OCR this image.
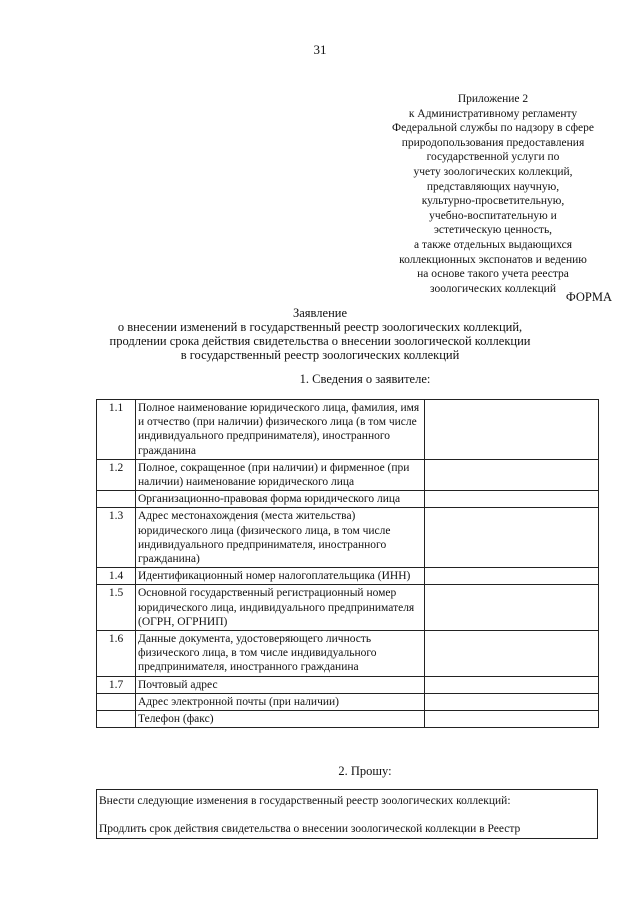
31
Приложение 2
к Административному регламенту
Федеральной службы по надзору в сфере
природопользования предоставления
государственной услуги по
учету зоологических коллекций,
представляющих научную,
культурно-просветительную,
учебно-воспитательную и
эстетическую ценность,
а также отдельных выдающихся
коллекционных экспонатов и ведению
на основе такого учета реестра
зоологических коллекций
ФОРМА
Заявление
о внесении изменений в государственный реестр зоологических коллекций,
продлении срока действия свидетельства о внесении зоологической коллекции
в государственный реестр зоологических коллекций
1. Сведения о заявителе:
1.1	Полное наименование юридического лица, фамилия, имя и отчество (при наличии) физического лица (в том числе индивидуального предпринимателя), иностранного гражданина	
1.2	Полное, сокращенное (при наличии) и фирменное (при наличии) наименование юридического лица	
	Организационно-правовая форма юридического лица	
1.3	Адрес местонахождения (места жительства) юридического лица (физического лица, в том числе индивидуального предпринимателя, иностранного гражданина)	
1.4	Идентификационный номер налогоплательщика (ИНН)	
1.5	Основной государственный регистрационный номер юридического лица, индивидуального предпринимателя (ОГРН, ОГРНИП)	
1.6	Данные документа, удостоверяющего личность физического лица, в том числе индивидуального предпринимателя, иностранного гражданина	
1.7	Почтовый адрес	
	Адрес электронной почты (при наличии)	
	Телефон (факс)	
2. Прошу:
Внести следующие изменения в государственный реестр зоологических коллекций:
Продлить срок действия свидетельства о внесении зоологической коллекции в Реестр
